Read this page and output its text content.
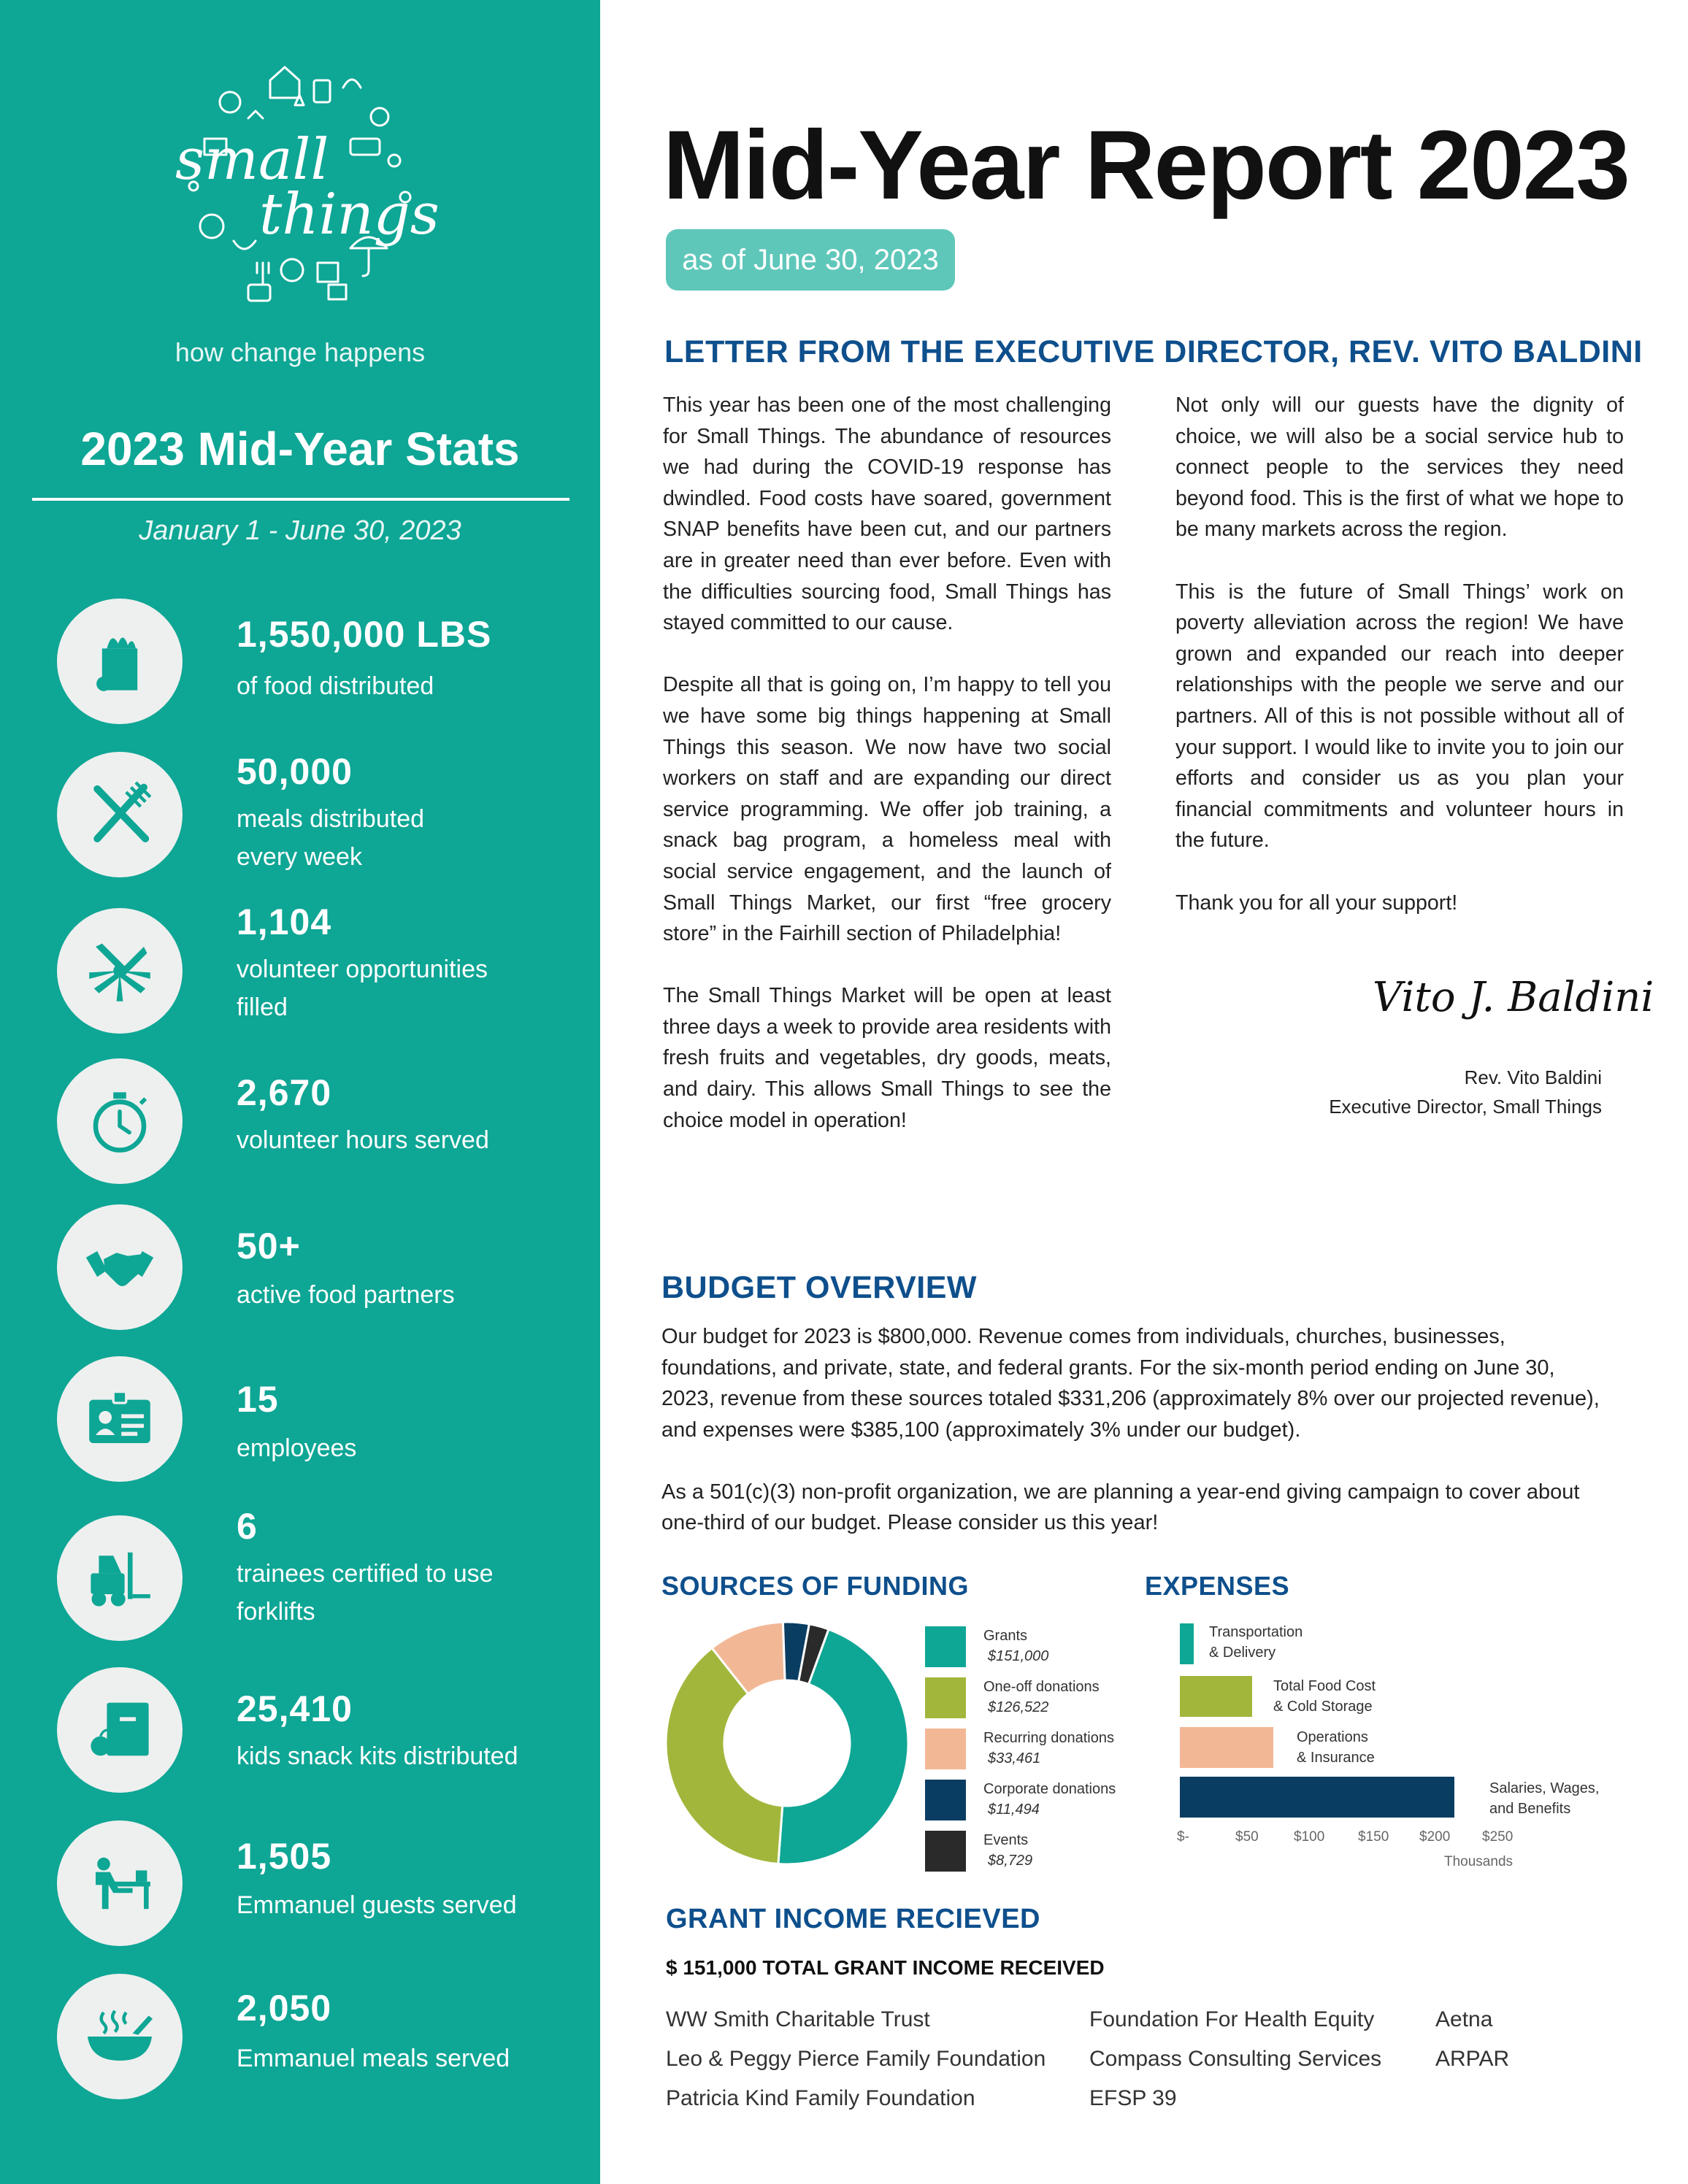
small
things
how change happens
2023 Mid-Year Stats
January 1 - June 30, 2023
1,550,000 LBS
of food distributed
50,000
meals distributed
every week
1,104
volunteer opportunities
filled
2,670
volunteer hours served
50+
active food partners
15
employees
6
trainees certified to use
forklifts
25,410
kids snack kits distributed
1,505
Emmanuel guests served
2,050
Emmanuel meals served
Mid-Year Report 2023
as of June 30, 2023
LETTER FROM THE EXECUTIVE DIRECTOR, REV. VITO BALDINI

This year has been one of the most challenging for Small Things. The abundance of resources we had during the COVID-19 response has dwindled. Food costs have soared, government SNAP benefits have been cut, and our partners are in greater need than ever before. Even with the difficulties sourcing food, Small Things has stayed committed to our cause.

Despite all that is going on, I’m happy to tell you we have some big things happening at Small Things this season. We now have two social workers on staff and are expanding our direct service programming. We offer job training, a snack bag program, a homeless meal with social service engagement, and the launch of Small Things Market, our first “free grocery store” in the Fairhill section of Philadelphia!

The Small Things Market will be open at least three days a week to provide area residents with fresh fruits and vegetables, dry goods, meats, and dairy. This allows Small Things to see the choice model in operation!

Not only will our guests have the dignity of choice, we will also be a social service hub to connect people to the services they need beyond food. This is the first of what we hope to be many markets across the region.

This is the future of Small Things’ work on poverty alleviation across the region! We have grown and expanded our reach into deeper relationships with the people we serve and our partners. All of this is not possible without all of your support. I would like to invite you to join our efforts and consider us as you plan your financial commitments and volunteer hours in the future.

Thank you for all your support!

Vito J. Baldini
Rev. Vito Baldini
Executive Director, Small Things
BUDGET OVERVIEW

Our budget for 2023 is $800,000. Revenue comes from individuals, churches, businesses, foundations, and private, state, and federal grants. For the six-month period ending on June 30, 2023, revenue from these sources totaled $331,206 (approximately 8% over our projected revenue), and expenses were $385,100 (approximately 3% under our budget).

As a 501(c)(3) non-profit organization, we are planning a year-end giving campaign to cover about one-third of our budget. Please consider us this year!

SOURCES OF FUNDING
Grants
$151,000
One-off donations
$126,522
Recurring donations
$33,461
Corporate donations
$11,494
Events
$8,729
EXPENSES
Transportation
& Delivery
Total Food Cost
& Cold Storage
Operations
& Insurance
Salaries, Wages,
and Benefits
$-	$50	$100 $150 $200 $250
Thousands
GRANT INCOME RECIEVED
$ 151,000 TOTAL GRANT INCOME RECEIVED
WW Smith Charitable Trust
Leo & Peggy Pierce Family Foundation
Patricia Kind Family Foundation
Foundation For Health Equity
Compass Consulting Services
EFSP 39
Aetna
ARPAR
